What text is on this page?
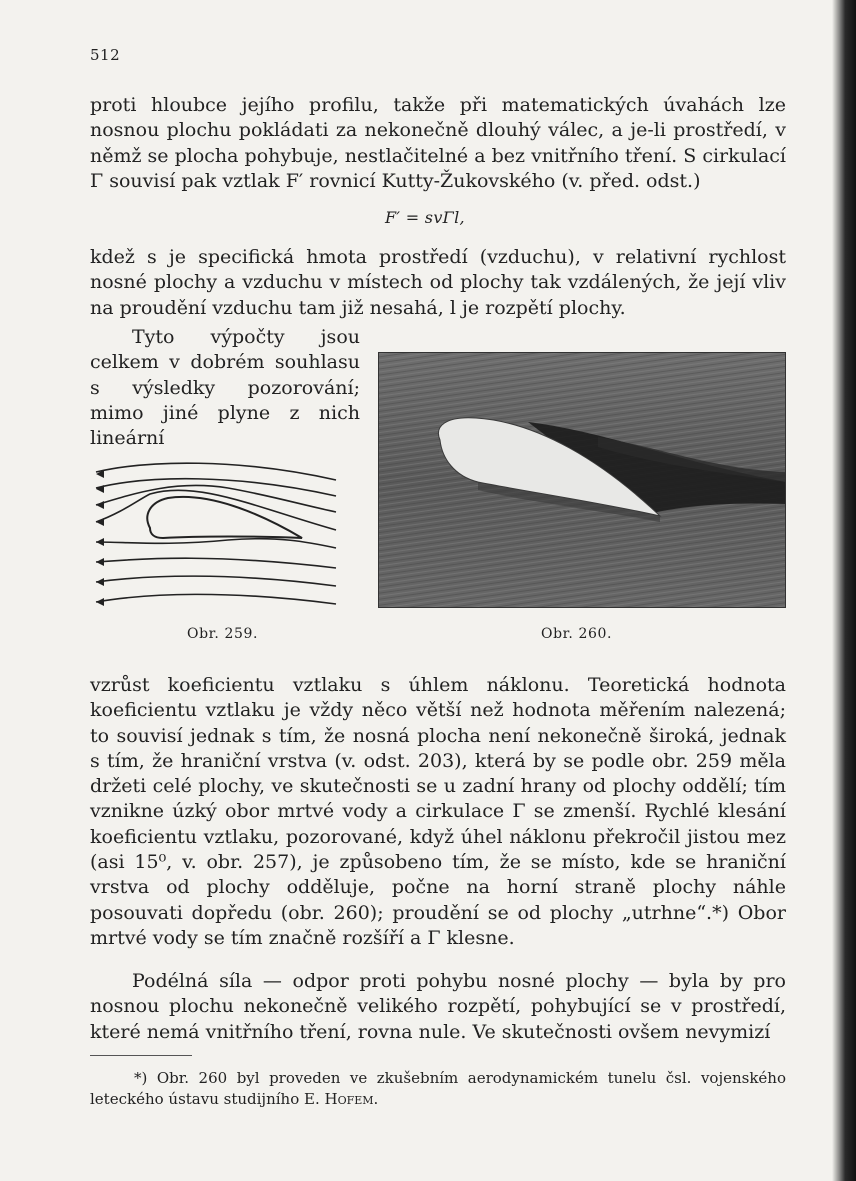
512

proti hloubce jejího profilu, takže při matematických úvahách lze nosnou plochu pokládati za nekonečně dlouhý válec, a je-li prostředí, v němž se plocha pohybuje, nestlačitelné a bez vnitřního tření. S cirkulací Γ souvisí pak vztlak F′ rovnicí Kutty-Žukovského (v. před. odst.)

F′ = svΓl,

kdež s je specifická hmota prostředí (vzduchu), v relativní rychlost nosné plochy a vzduchu v místech od plochy tak vzdálených, že její vliv na proudění vzduchu tam již nesahá, l je rozpětí plochy.

Tyto výpočty jsou celkem v dobrém souhlasu s výsledky pozorování; mimo jiné plyne z nich lineární

Obr. 259.	Obr. 260.

vzrůst koeficientu vztlaku s úhlem náklonu. Teoretická hodnota koeficientu vztlaku je vždy něco větší než hodnota měřením nalezená; to souvisí jednak s tím, že nosná plocha není nekonečně široká, jednak s tím, že hraniční vrstva (v. odst. 203), která by se podle obr. 259 měla držeti celé plochy, ve skutečnosti se u zadní hrany od plochy oddělí; tím vznikne úzký obor mrtvé vody a cirkulace Γ se zmenší. Rychlé klesání koeficientu vztlaku, pozorované, když úhel náklonu překročil jistou mez (asi 15⁰, v. obr. 257), je způsobeno tím, že se místo, kde se hraniční vrstva od plochy odděluje, počne na horní straně plochy náhle posouvati dopředu (obr. 260); proudění se od plochy „utrhne“.*) Obor mrtvé vody se tím značně rozšíří a Γ klesne.

Podélná síla — odpor proti pohybu nosné plochy — byla by pro nosnou plochu nekonečně velikého rozpětí, pohybující se v prostředí, které nemá vnitřního tření, rovna nule. Ve skutečnosti ovšem nevymizí

*) Obr. 260 byl proveden ve zkušebním aerodynamickém tunelu čsl. vojenského leteckého ústavu studijního E. Hofem.
